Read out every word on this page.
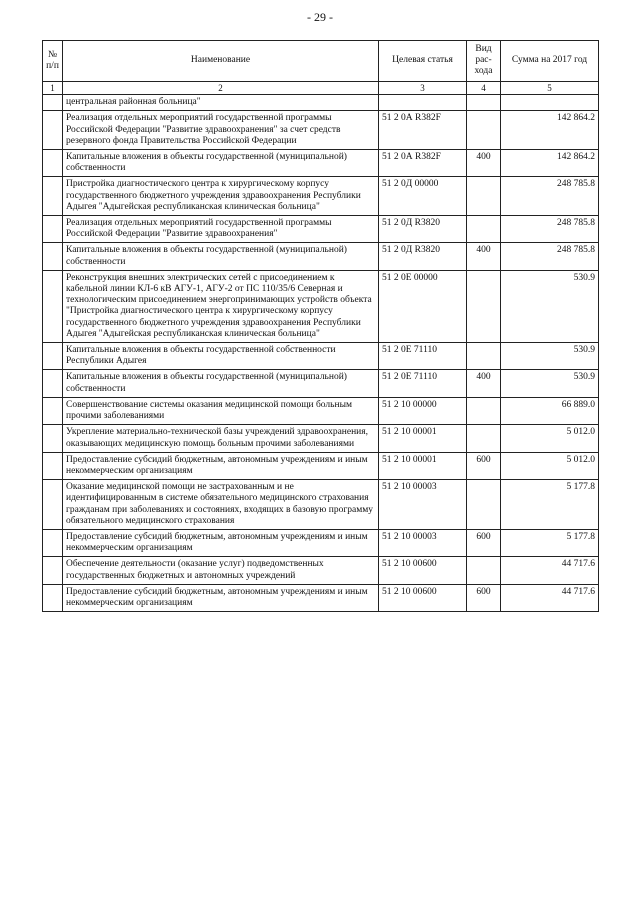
- 29 -
№ п/п	Наименование	Целевая статья	Вид рас-хода	Сумма на 2017 год
1	2	3	4	5
	центральная районная больница"			
	Реализация отдельных мероприятий государственной программы Российской Федерации "Развитие здравоохранения" за счет средств резервного фонда Правительства Российской Федерации	51 2 0А R382F		142 864.2
	Капитальные вложения в объекты государственной (муниципальной) собственности	51 2 0А R382F	400	142 864.2
	Пристройка диагностического центра к хирургическому корпусу государственного бюджетного учреждения здравоохранения Республики Адыгея "Адыгейская республиканская клиническая больница"	51 2 0Д 00000		248 785.8
	Реализация отдельных мероприятий государственной программы Российской Федерации "Развитие здравоохранения"	51 2 0Д R3820		248 785.8
	Капитальные вложения в объекты государственной (муниципальной) собственности	51 2 0Д R3820	400	248 785.8
	Реконструкция внешних электрических сетей с присоединением к кабельной линии КЛ-6 кВ АГУ-1, АГУ-2 от ПС 110/35/6 Северная и технологическим присоединением энергопринимающих устройств объекта "Пристройка диагностического центра к хирургическому корпусу государственного бюджетного учреждения здравоохранения Республики Адыгея "Адыгейская республиканская клиническая больница"	51 2 0Е 00000		530.9
	Капитальные вложения в объекты государственной собственности Республики Адыгея	51 2 0Е 71110		530.9
	Капитальные вложения в объекты государственной (муниципальной) собственности	51 2 0Е 71110	400	530.9
	Совершенствование системы оказания медицинской помощи больным прочими заболеваниями	51 2 10 00000		66 889.0
	Укрепление материально-технической базы учреждений здравоохранения, оказывающих медицинскую помощь больным прочими заболеваниями	51 2 10 00001		5 012.0
	Предоставление субсидий бюджетным, автономным учреждениям и иным некоммерческим организациям	51 2 10 00001	600	5 012.0
	Оказание медицинской помощи не застрахованным и не идентифицированным в системе обязательного медицинского страхования гражданам при заболеваниях и состояниях, входящих в базовую программу обязательного медицинского страхования	51 2 10 00003		5 177.8
	Предоставление субсидий бюджетным, автономным учреждениям и иным некоммерческим организациям	51 2 10 00003	600	5 177.8
	Обеспечение деятельности (оказание услуг) подведомственных государственных бюджетных и автономных учреждений	51 2 10 00600		44 717.6
	Предоставление субсидий бюджетным, автономным учреждениям и иным некоммерческим организациям	51 2 10 00600	600	44 717.6
